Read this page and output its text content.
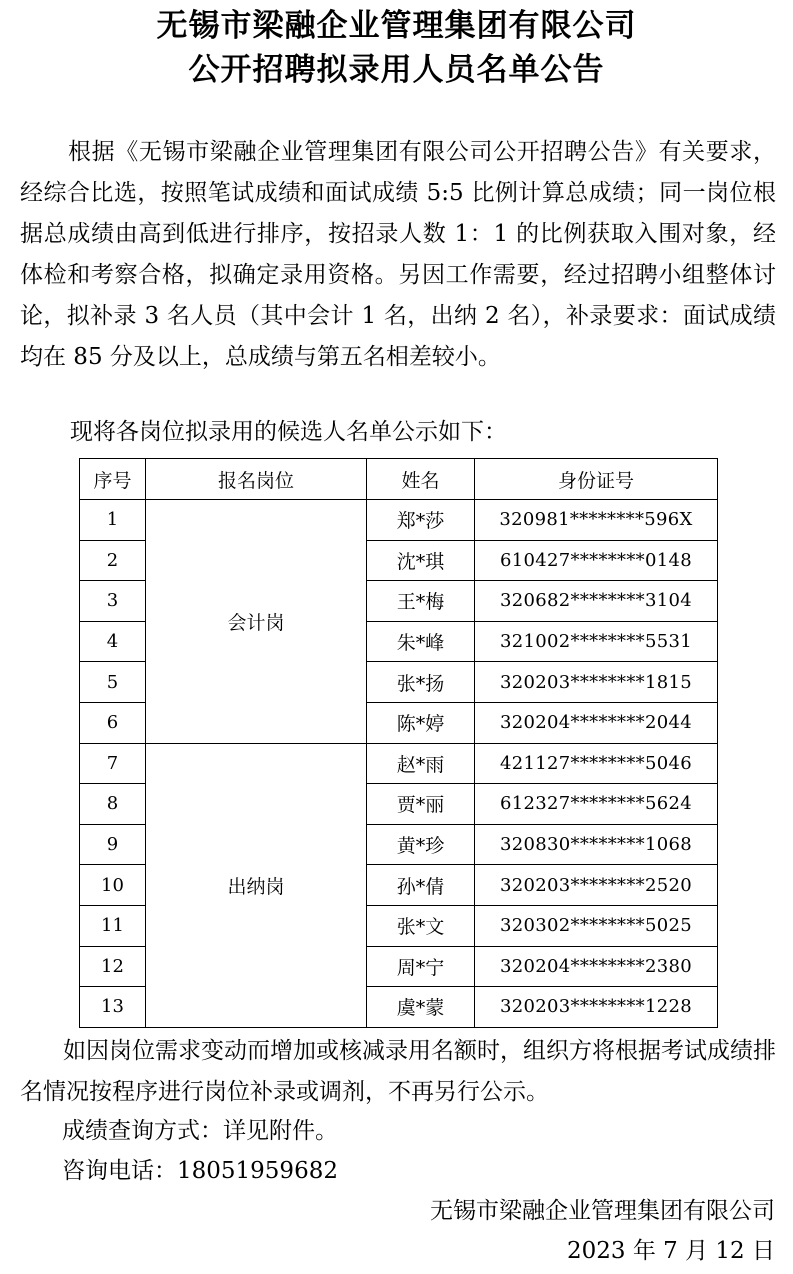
无锡市梁融企业管理集团有限公司
公开招聘拟录用人员名单公告
根据《无锡市梁融企业管理集团有限公司公开招聘公告》有关要求，经综合比选，按照笔试成绩和面试成绩 5:5 比例计算总成绩；同一岗位根据总成绩由高到低进行排序，按招录人数 1：1 的比例获取入围对象，经体检和考察合格，拟确定录用资格。另因工作需要，经过招聘小组整体讨论，拟补录 3 名人员（其中会计 1 名，出纳 2 名），补录要求：面试成绩均在 85 分及以上，总成绩与第五名相差较小。
现将各岗位拟录用的候选人名单公示如下：
序号	报名岗位	姓名	身份证号
1	会计岗	郑*莎	320981********596X
2		沈*琪	610427********0148
3		王*梅	320682********3104
4		朱*峰	321002********5531
5		张*扬	320203********1815
6		陈*婷	320204********2044
7	出纳岗	赵*雨	421127********5046
8		贾*丽	612327********5624
9		黄*珍	320830********1068
10		孙*倩	320203********2520
11		张*文	320302********5025
12		周*宁	320204********2380
13		虞*蒙	320203********1228
如因岗位需求变动而增加或核减录用名额时，组织方将根据考试成绩排名情况按程序进行岗位补录或调剂，不再另行公示。
成绩查询方式：详见附件。
咨询电话：18051959682
无锡市梁融企业管理集团有限公司
2023 年 7 月 12 日
